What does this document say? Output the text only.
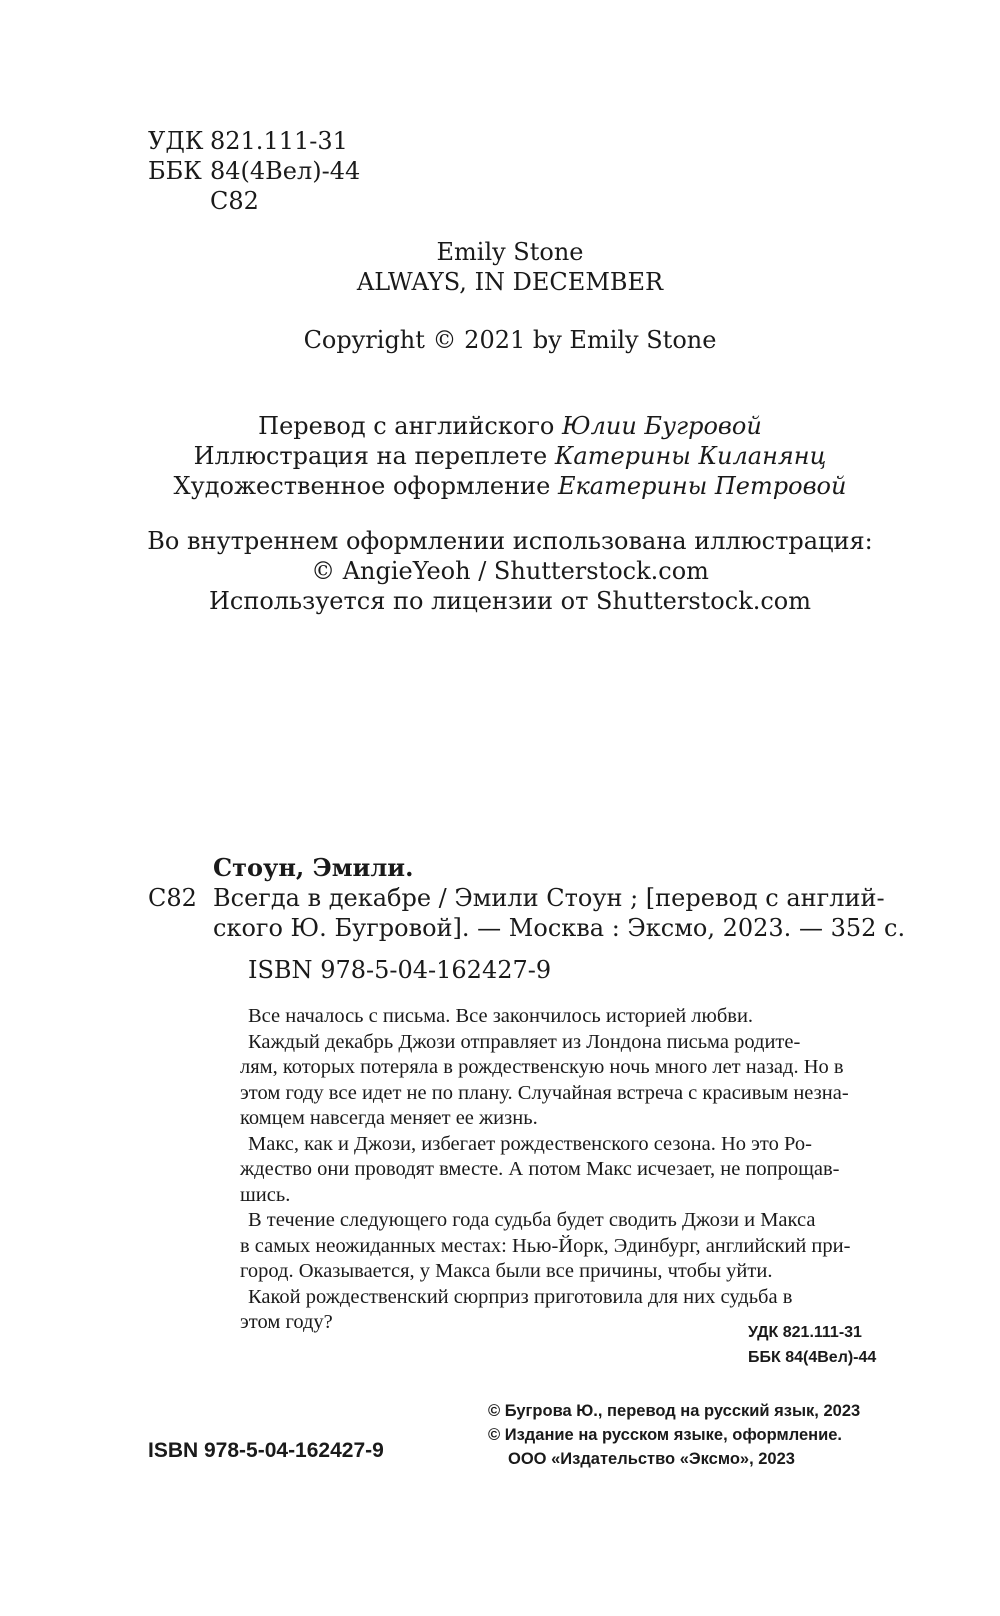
УДК 821.111-31
ББК 84(4Вел)-44
С82
Emily Stone
ALWAYS, IN DECEMBER
Copyright © 2021 by Emily Stone
Перевод с английского Юлии Бугровой
Иллюстрация на переплете Катерины Киланянц
Художественное оформление Екатерины Петровой
Во внутреннем оформлении использована иллюстрация:
© AngieYeoh / Shutterstock.com
Используется по лицензии от Shutterstock.com
Стоун, Эмили.
С82 Всегда в декабре / Эмили Стоун ; [перевод с англий-
ского Ю. Бугровой]. — Москва : Эксмо, 2023. — 352 с.
ISBN 978-5-04-162427-9
Все началось с письма. Все закончилось историей любви.
Каждый декабрь Джози отправляет из Лондона письма родите-
лям, которых потеряла в рождественскую ночь много лет назад. Но в
этом году все идет не по плану. Случайная встреча с красивым незна-
комцем навсегда меняет ее жизнь.
Макс, как и Джози, избегает рождественского сезона. Но это Ро-
ждество они проводят вместе. А потом Макс исчезает, не попрощав-
шись.
В течение следующего года судьба будет сводить Джози и Макса
в самых неожиданных местах: Нью-Йорк, Эдинбург, английский при-
город. Оказывается, у Макса были все причины, чтобы уйти.
Какой рождественский сюрприз приготовила для них судьба в
этом году?	УДК 821.111-31
ББК 84(4Вел)-44
© Бугрова Ю., перевод на русский язык, 2023
© Издание на русском языке, оформление.
ООО «Издательство «Эксмо», 2023
ISBN 978-5-04-162427-9
